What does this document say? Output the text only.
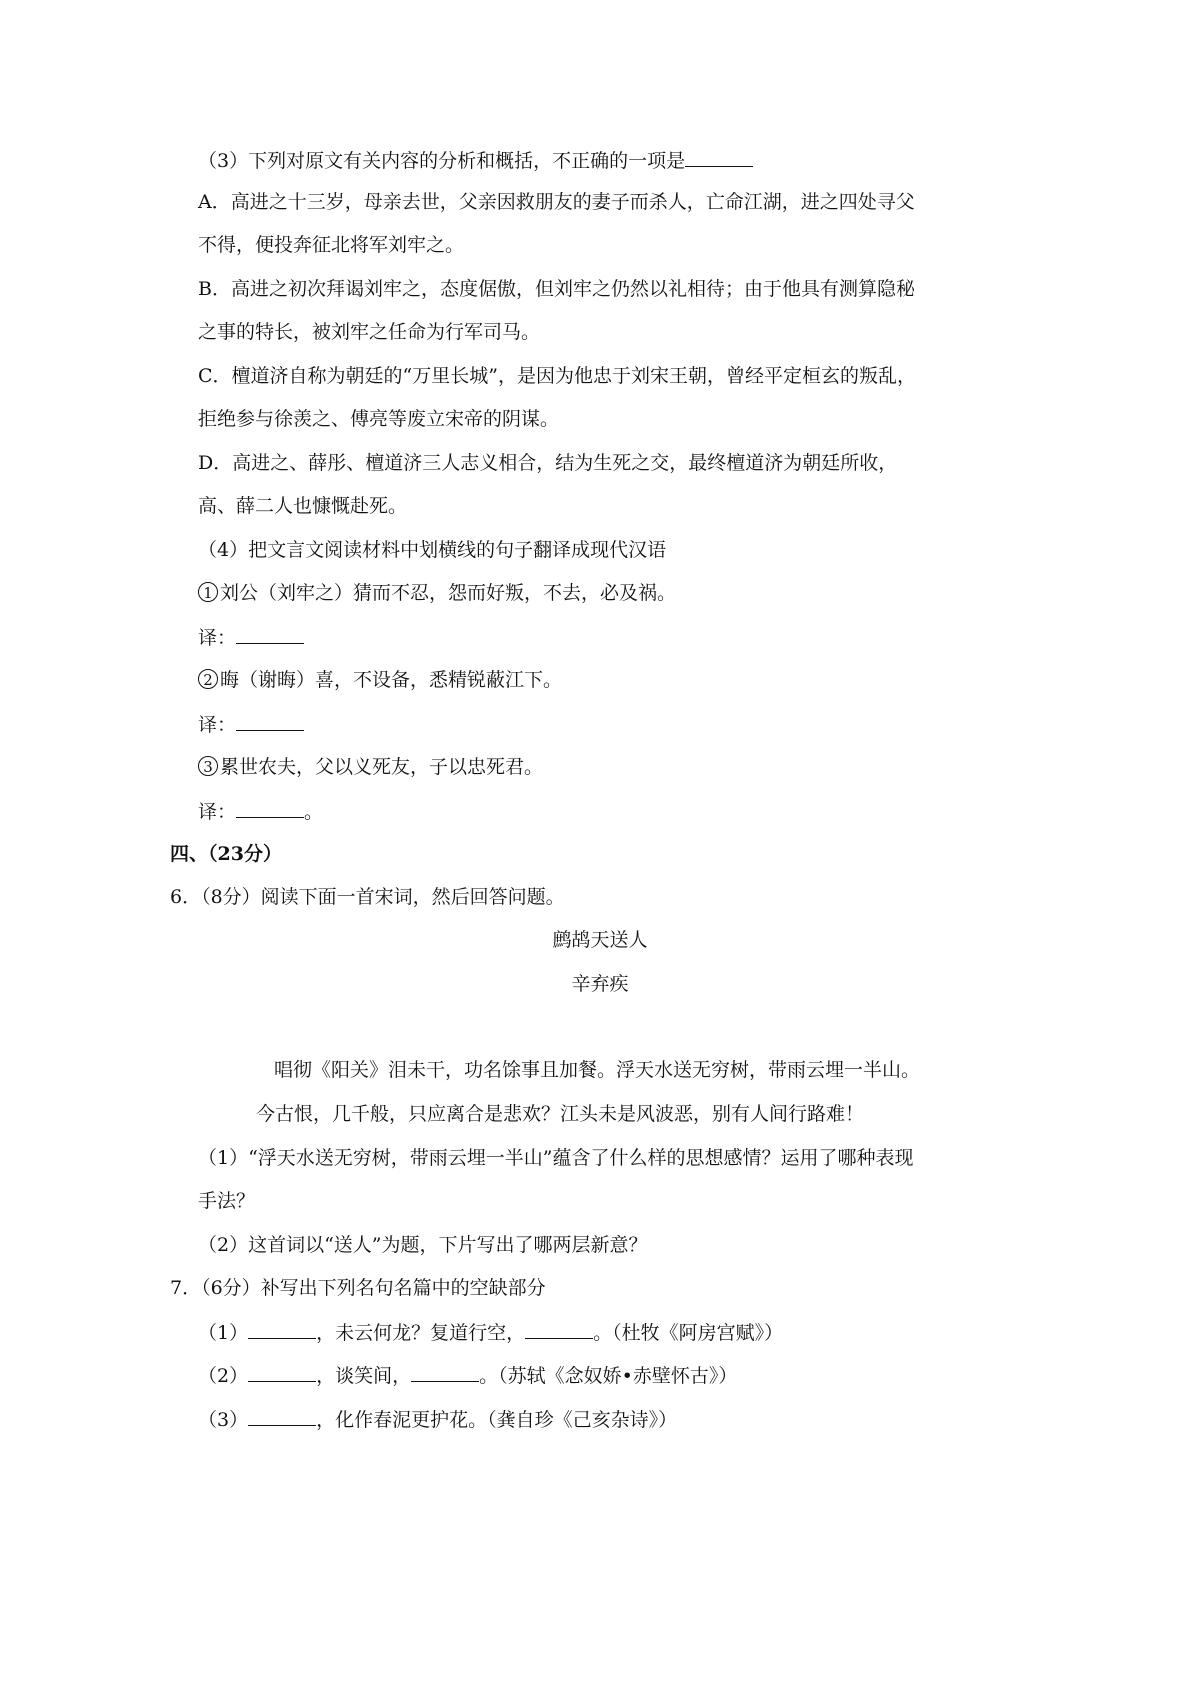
（3）下列对原文有关内容的分析和概括，不正确的一项是
A．高进之十三岁，母亲去世，父亲因救朋友的妻子而杀人，亡命江湖，进之四处寻父
不得，便投奔征北将军刘牢之。
B．高进之初次拜谒刘牢之，态度倨傲，但刘牢之仍然以礼相待；由于他具有测算隐秘
之事的特长，被刘牢之任命为行军司马。
C．檀道济自称为朝廷的“万里长城”，是因为他忠于刘宋王朝，曾经平定桓玄的叛乱，
拒绝参与徐羡之、傅亮等废立宋帝的阴谋。
D．高进之、薛彤、檀道济三人志义相合，结为生死之交，最终檀道济为朝廷所收，
高、薛二人也慷慨赴死。
（4）把文言文阅读材料中划横线的句子翻译成现代汉语
1 刘公（刘牢之）猜而不忍，怨而好叛，不去，必及祸。
译：
2 晦（谢晦）喜，不设备，悉精锐蔽江下。
译：
3 累世农夫，父以义死友，子以忠死君。
译：	。
四、（23分）
6．（8分）阅读下面一首宋词，然后回答问题。
鹧鸪天送人
辛弃疾
唱彻《阳关》泪未干，功名馀事且加餐。浮天水送无穷树，带雨云埋一半山。
今古恨，几千般，只应离合是悲欢？江头未是风波恶，别有人间行路难！
（1）“浮天水送无穷树，带雨云埋一半山”蕴含了什么样的思想感情？运用了哪种表现
手法？
（2）这首词以“送人”为题，下片写出了哪两层新意？
7．（6分）补写出下列名句名篇中的空缺部分
（1）	，未云何龙？复道行空，	。（杜牧《阿房宫赋》）
（2）	，谈笑间，	。（苏轼《念奴娇•赤壁怀古》）
（3）	，化作春泥更护花。（龚自珍《己亥杂诗》）
